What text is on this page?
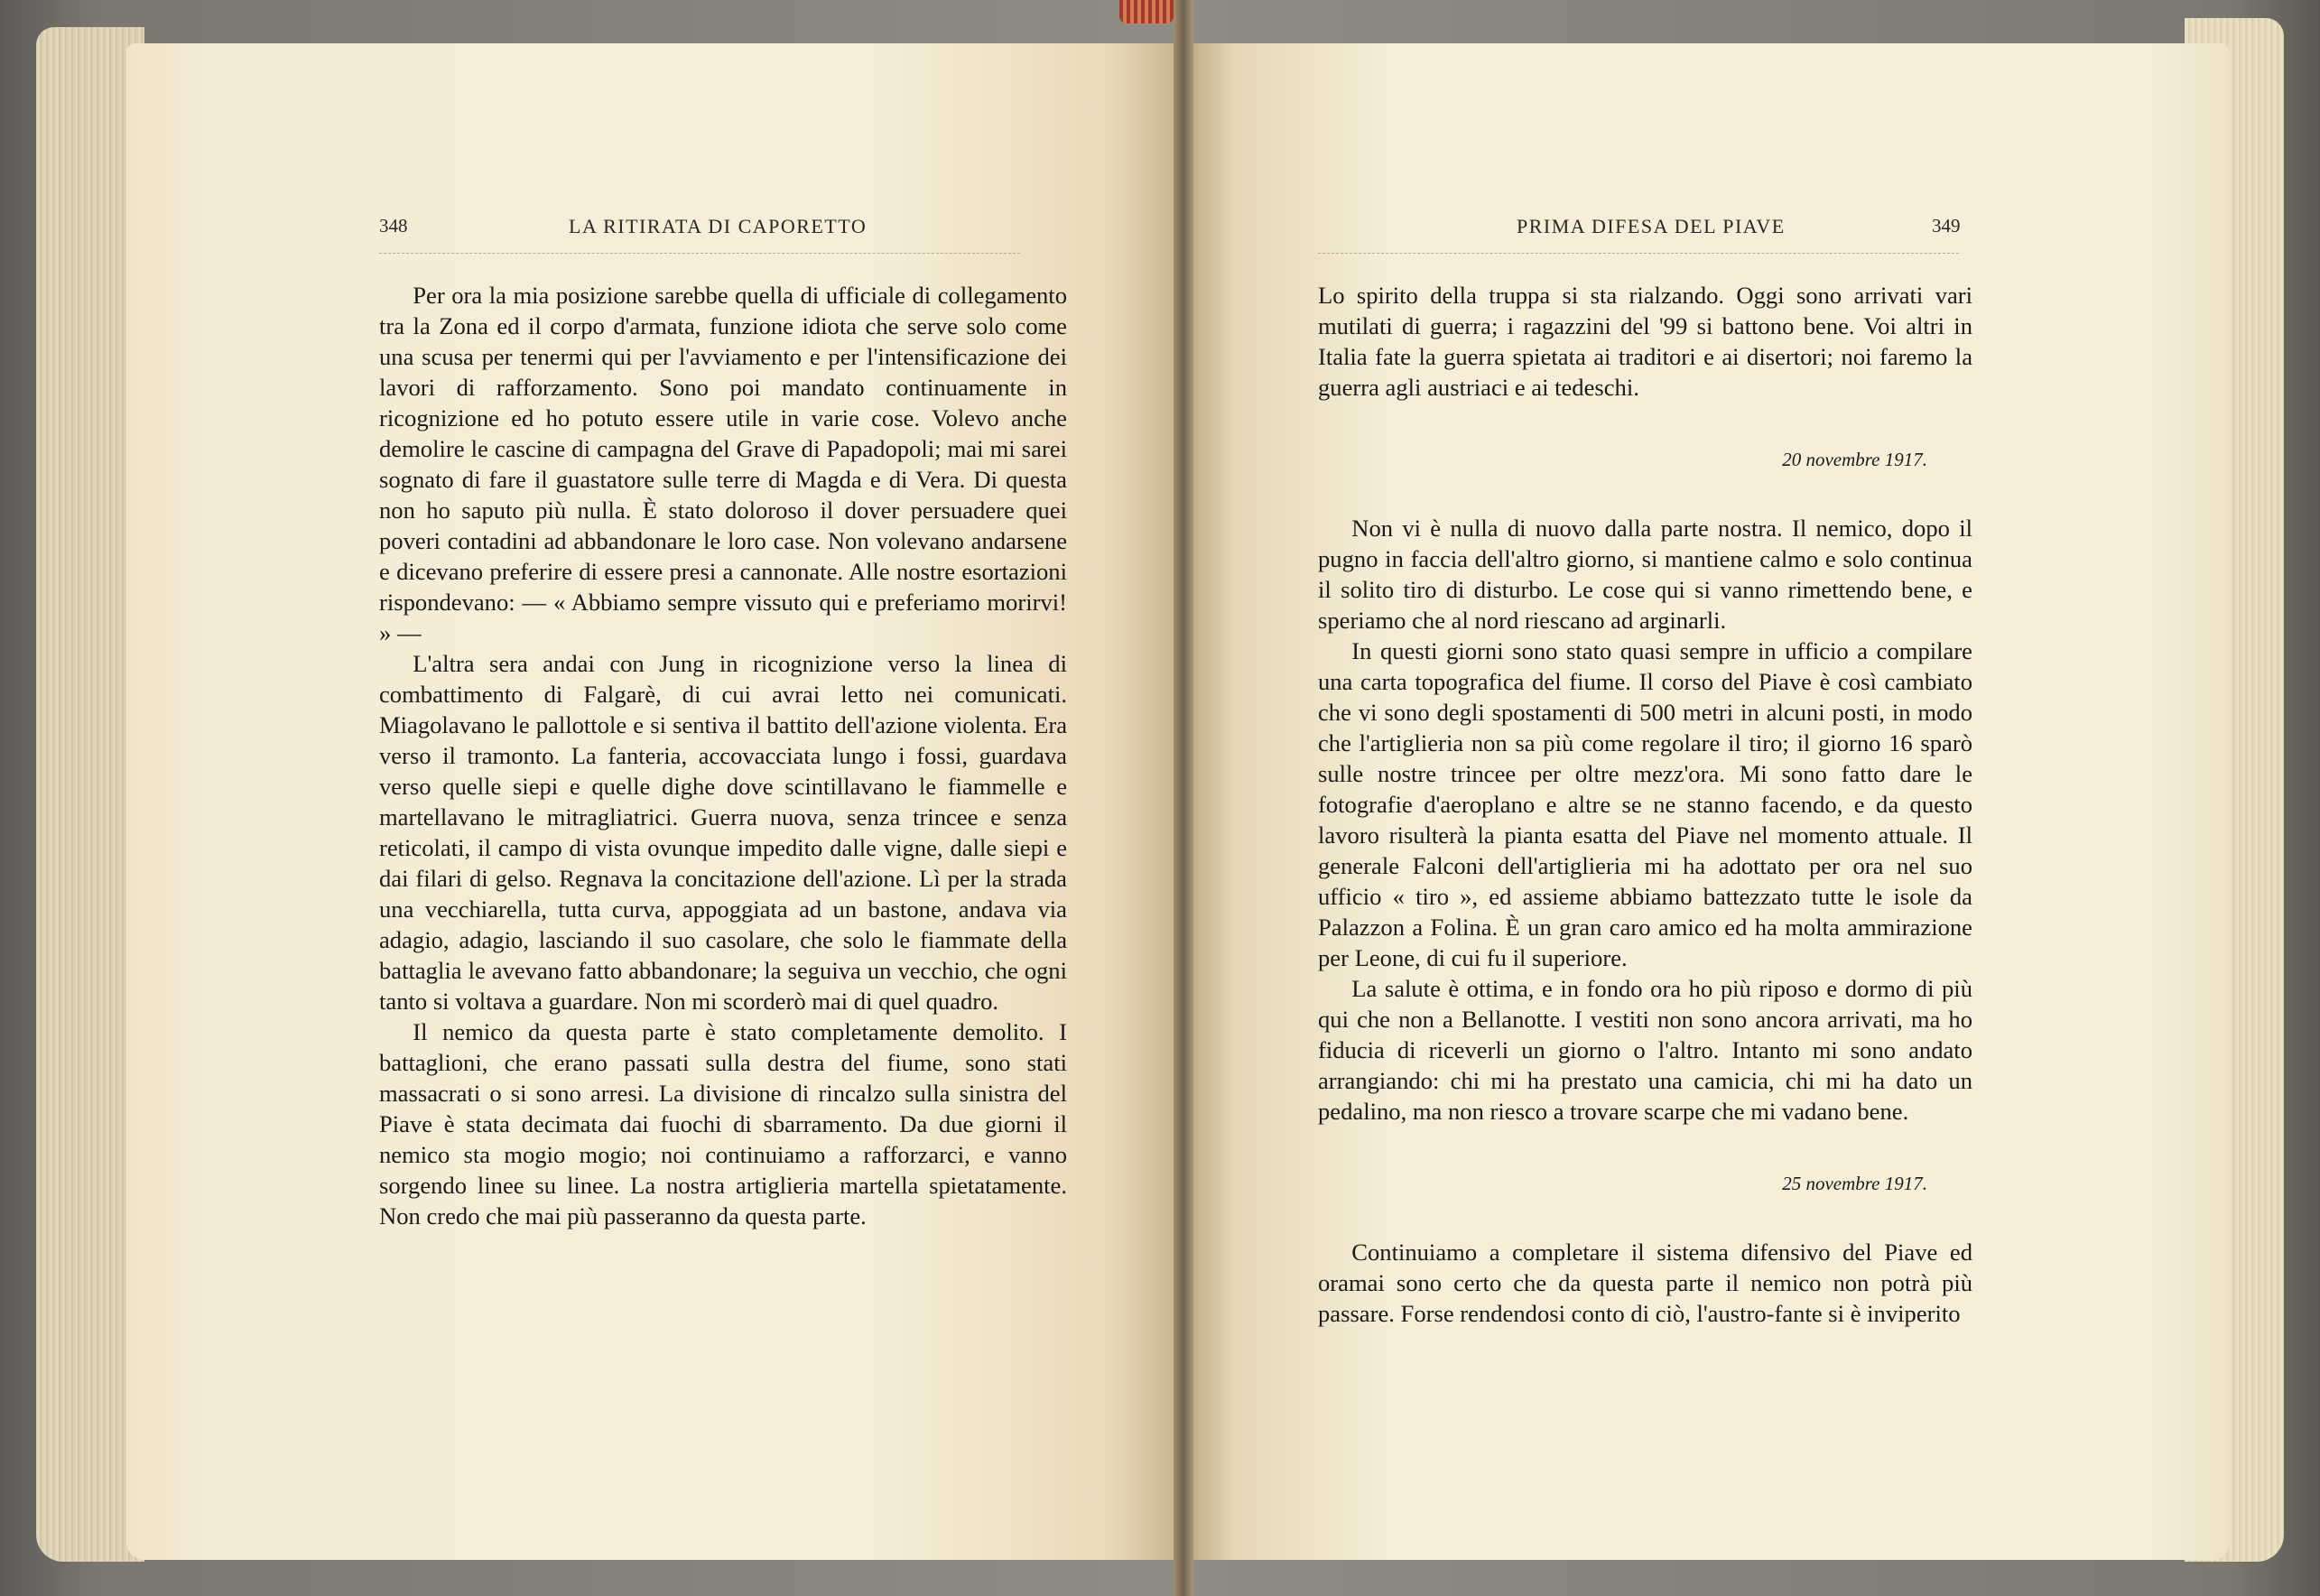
348	LA RITIRATA DI CAPORETTO

Per ora la mia posizione sarebbe quella di ufficiale di collegamento tra la Zona ed il corpo d'armata, funzione idiota che serve solo come una scusa per tenermi qui per l'avviamento e per l'intensificazione dei lavori di rafforzamento. Sono poi mandato continuamente in ricognizione ed ho potuto essere utile in varie cose. Volevo anche demolire le cascine di campagna del Grave di Papadopoli; mai mi sarei sognato di fare il guastatore sulle terre di Magda e di Vera. Di questa non ho saputo più nulla. È stato doloroso il dover persuadere quei poveri contadini ad abbandonare le loro case. Non volevano andarsene e dicevano preferire di essere presi a cannonate. Alle nostre esortazioni rispondevano: — « Abbiamo sempre vissuto qui e preferiamo morirvi! » —

L'altra sera andai con Jung in ricognizione verso la linea di combattimento di Falgarè, di cui avrai letto nei comunicati. Miagolavano le pallottole e si sentiva il battito dell'azione violenta. Era verso il tramonto. La fanteria, accovacciata lungo i fossi, guardava verso quelle siepi e quelle dighe dove scintillavano le fiammelle e martellavano le mitragliatrici. Guerra nuova, senza trincee e senza reticolati, il campo di vista ovunque impedito dalle vigne, dalle siepi e dai filari di gelso. Regnava la concitazione dell'azione. Lì per la strada una vecchiarella, tutta curva, appoggiata ad un bastone, andava via adagio, adagio, lasciando il suo casolare, che solo le fiammate della battaglia le avevano fatto abbandonare; la seguiva un vecchio, che ogni tanto si voltava a guardare. Non mi scorderò mai di quel quadro.

Il nemico da questa parte è stato completamente demolito. I battaglioni, che erano passati sulla destra del fiume, sono stati massacrati o si sono arresi. La divisione di rincalzo sulla sinistra del Piave è stata decimata dai fuochi di sbarramento. Da due giorni il nemico sta mogio mogio; noi continuiamo a rafforzarci, e vanno sorgendo linee su linee. La nostra artiglieria martella spietatamente. Non credo che mai più passeranno da questa parte.

PRIMA DIFESA DEL PIAVE	349

Lo spirito della truppa si sta rialzando. Oggi sono arrivati vari mutilati di guerra; i ragazzini del '99 si battono bene. Voi altri in Italia fate la guerra spietata ai traditori e ai disertori; noi faremo la guerra agli austriaci e ai tedeschi.

20 novembre 1917.

Non vi è nulla di nuovo dalla parte nostra. Il nemico, dopo il pugno in faccia dell'altro giorno, si mantiene calmo e solo continua il solito tiro di disturbo. Le cose qui si vanno rimettendo bene, e speriamo che al nord riescano ad arginarli.

In questi giorni sono stato quasi sempre in ufficio a compilare una carta topografica del fiume. Il corso del Piave è così cambiato che vi sono degli spostamenti di 500 metri in alcuni posti, in modo che l'artiglieria non sa più come regolare il tiro; il giorno 16 sparò sulle nostre trincee per oltre mezz'ora. Mi sono fatto dare le fotografie d'aeroplano e altre se ne stanno facendo, e da questo lavoro risulterà la pianta esatta del Piave nel momento attuale. Il generale Falconi dell'artiglieria mi ha adottato per ora nel suo ufficio « tiro », ed assieme abbiamo battezzato tutte le isole da Palazzon a Folina. È un gran caro amico ed ha molta ammirazione per Leone, di cui fu il superiore.

La salute è ottima, e in fondo ora ho più riposo e dormo di più qui che non a Bellanotte. I vestiti non sono ancora arrivati, ma ho fiducia di riceverli un giorno o l'altro. Intanto mi sono andato arrangiando: chi mi ha prestato una camicia, chi mi ha dato un pedalino, ma non riesco a trovare scarpe che mi vadano bene.

25 novembre 1917.

Continuiamo a completare il sistema difensivo del Piave ed oramai sono certo che da questa parte il nemico non potrà più passare. Forse rendendosi conto di ciò, l'austro-fante si è inviperito
